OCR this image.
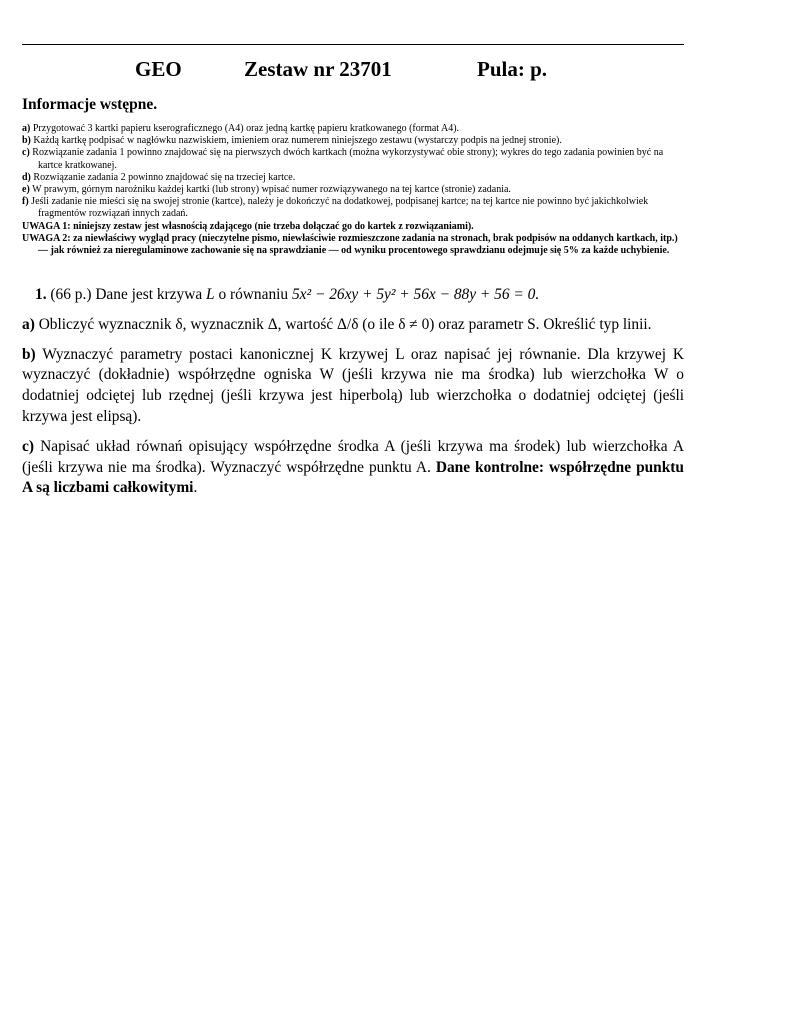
GEO	Zestaw nr 23701	Pula: p.
Informacje wstępne.
a) Przygotować 3 kartki papieru kserograficznego (A4) oraz jedną kartkę papieru kratkowanego (format A4).
b) Każdą kartkę podpisać w nagłówku nazwiskiem, imieniem oraz numerem niniejszego zestawu (wystarczy podpis na jednej stronie).
c) Rozwiązanie zadania 1 powinno znajdować się na pierwszych dwóch kartkach (można wykorzystywać obie strony); wykres do tego zadania powinien być na kartce kratkowanej.
d) Rozwiązanie zadania 2 powinno znajdować się na trzeciej kartce.
e) W prawym, górnym narożniku każdej kartki (lub strony) wpisać numer rozwiązywanego na tej kartce (stronie) zadania.
f) Jeśli zadanie nie mieści się na swojej stronie (kartce), należy je dokończyć na dodatkowej, podpisanej kartce; na tej kartce nie powinno być jakichkolwiek fragmentów rozwiązań innych zadań.
UWAGA 1: niniejszy zestaw jest własnością zdającego (nie trzeba dołączać go do kartek z rozwiązaniami).
UWAGA 2: za niewłaściwy wygląd pracy (nieczytelne pismo, niewłaściwie rozmieszczone zadania na stronach, brak podpisów na oddanych kartkach, itp.) — jak również za nieregulaminowe zachowanie się na sprawdzianie — od wyniku procentowego sprawdzianu odejmuje się 5% za każde uchybienie.

1. (66 p.) Dane jest krzywa L o równaniu 5x² − 26xy + 5y² + 56x − 88y + 56 = 0.

a) Obliczyć wyznacznik δ, wyznacznik Δ, wartość Δ/δ (o ile δ ≠ 0) oraz parametr S. Określić typ linii.

b) Wyznaczyć parametry postaci kanonicznej K krzywej L oraz napisać jej równanie. Dla krzywej K wyznaczyć (dokładnie) współrzędne ogniska W (jeśli krzywa nie ma środka) lub wierzchołka W o dodatniej odciętej lub rzędnej (jeśli krzywa jest hiperbolą) lub wierzchołka o dodatniej odciętej (jeśli krzywa jest elipsą).

c) Napisać układ równań opisujący współrzędne środka A (jeśli krzywa ma środek) lub wierzchołka A (jeśli krzywa nie ma środka). Wyznaczyć współrzędne punktu A. Dane kontrolne: współrzędne punktu A są liczbami całkowitymi.
